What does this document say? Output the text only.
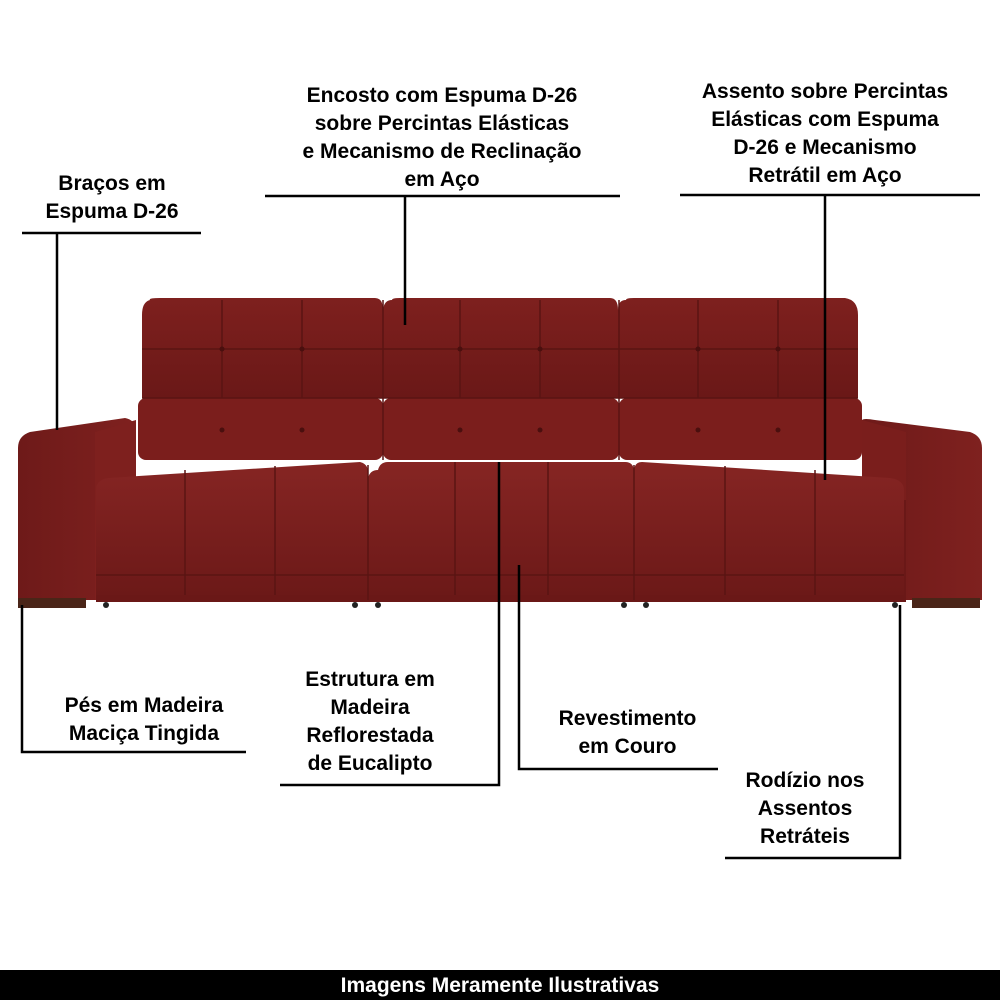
Braços em
Espuma D-26
Encosto com Espuma D-26
sobre Percintas Elásticas
e Mecanismo de Reclinação
em Aço
Assento sobre Percintas
Elásticas com Espuma
D-26 e Mecanismo
Retrátil em Aço
Pés em Madeira
Maciça Tingida
Estrutura em
Madeira
Reflorestada
de Eucalipto
Revestimento
em Couro
Rodízio nos
Assentos
Retráteis
Imagens Meramente Ilustrativas
